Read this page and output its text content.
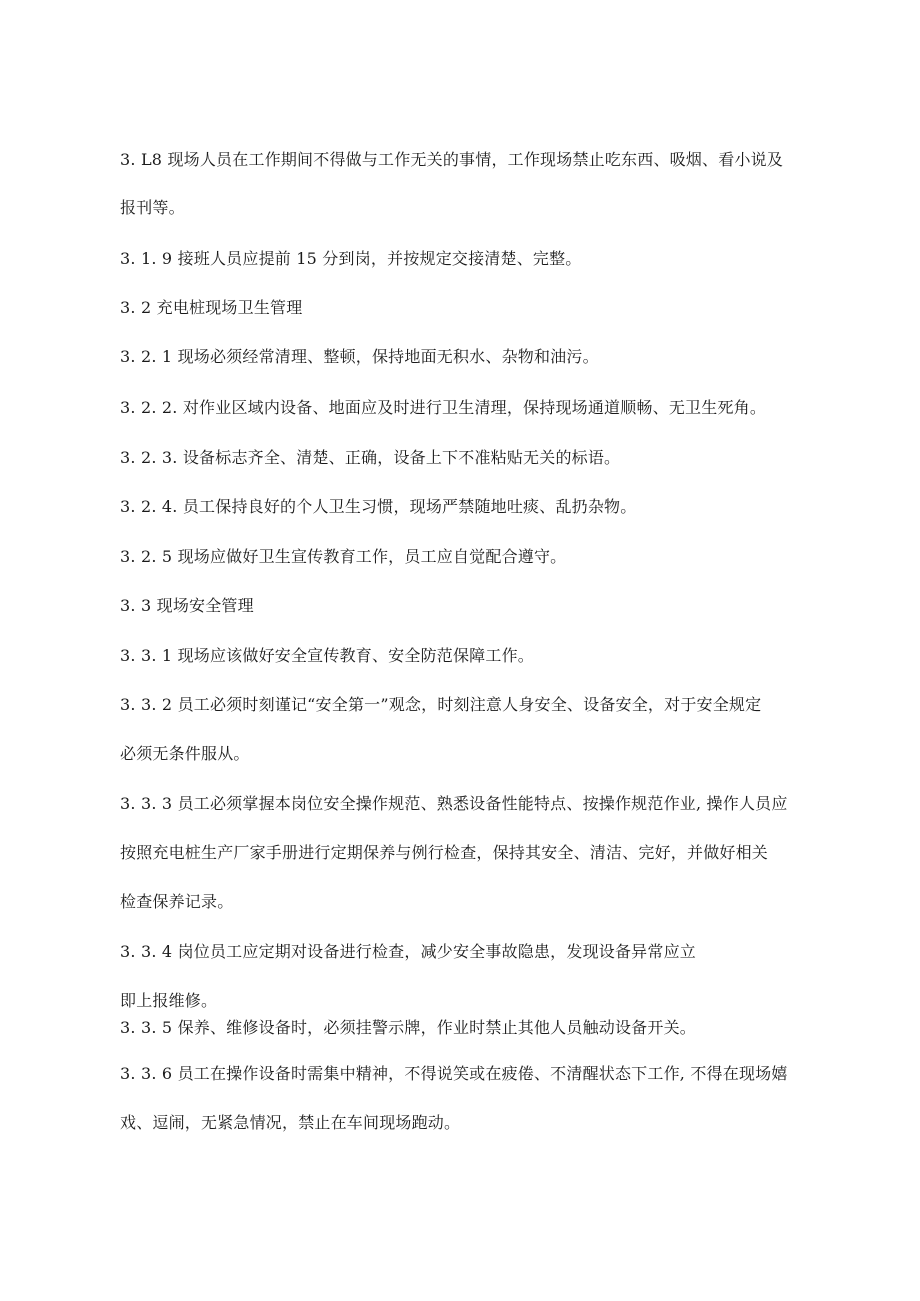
3. L8 现场人员在工作期间不得做与工作无关的事情，工作现场禁止吃东西、吸烟、看小说及
报刊等。
3. 1. 9 接班人员应提前 15 分到岗，并按规定交接清楚、完整。
3. 2 充电桩现场卫生管理
3. 2. 1 现场必须经常清理、整顿，保持地面无积水、杂物和油污。
3. 2. 2. 对作业区域内设备、地面应及时进行卫生清理，保持现场通道顺畅、无卫生死角。
3. 2. 3. 设备标志齐全、清楚、正确，设备上下不准粘贴无关的标语。
3. 2. 4. 员工保持良好的个人卫生习惯，现场严禁随地吐痰、乱扔杂物。
3. 2. 5 现场应做好卫生宣传教育工作，员工应自觉配合遵守。
3. 3 现场安全管理
3. 3. 1 现场应该做好安全宣传教育、安全防范保障工作。
3. 3. 2 员工必须时刻谨记“安全第一”观念，时刻注意人身安全、设备安全，对于安全规定
必须无条件服从。
3. 3. 3 员工必须掌握本岗位安全操作规范、熟悉设备性能特点、按操作规范作业, 操作人员应
按照充电桩生产厂家手册进行定期保养与例行检查，保持其安全、清洁、完好，并做好相关
检查保养记录。
3. 3. 4 岗位员工应定期对设备进行检查，减少安全事故隐患，发现设备异常应立
即上报维修。
3. 3. 5 保养、维修设备时，必须挂警示牌，作业时禁止其他人员触动设备开关。
3. 3. 6 员工在操作设备时需集中精神，不得说笑或在疲倦、不清醒状态下工作, 不得在现场嬉
戏、逗闹，无紧急情况，禁止在车间现场跑动。
